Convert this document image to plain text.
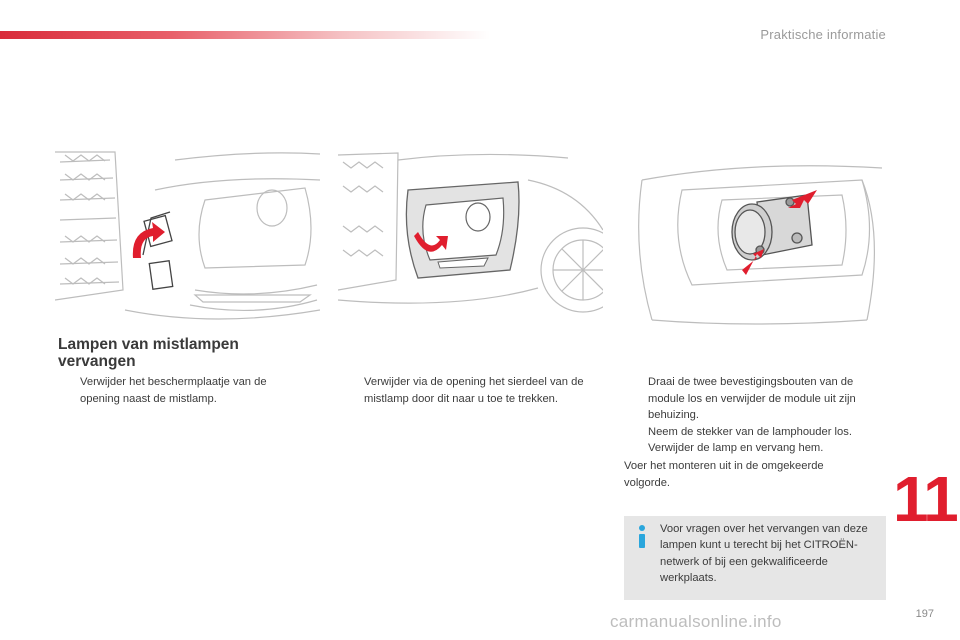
Praktische informatie
Lampen van mistlampen vervangen
Verwijder het beschermplaatje van de opening naast de mistlamp.
Verwijder via de opening het sierdeel van de mistlamp door dit naar u toe te trekken.
Draai de twee bevestigingsbouten van de module los en verwijder de module uit zijn behuizing.
Neem de stekker van de lamphouder los.
Verwijder de lamp en vervang hem.
Voer het monteren uit in de omgekeerde volgorde.
Voor vragen over het vervangen van deze lampen kunt u terecht bij het CITROËN-netwerk of bij een gekwalificeerde werkplaats.
11
carmanualsonline.info	197
